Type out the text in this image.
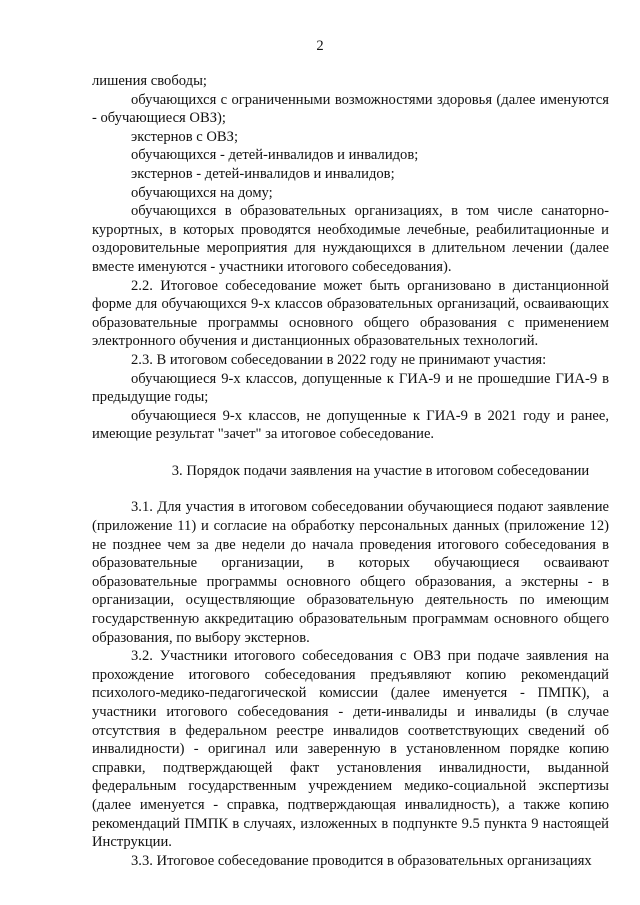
2

лишения свободы;

обучающихся с ограниченными возможностями здоровья (далее именуются - обучающиеся ОВЗ);

экстернов с ОВЗ;

обучающихся - детей-инвалидов и инвалидов;

экстернов - детей-инвалидов и инвалидов;

обучающихся на дому;

обучающихся в образовательных организациях, в том числе санаторно-курортных, в которых проводятся необходимые лечебные, реабилитационные и оздоровительные мероприятия для нуждающихся в длительном лечении (далее вместе именуются - участники итогового собеседования).

2.2. Итоговое собеседование может быть организовано в дистанционной форме для обучающихся 9-х классов образовательных организаций, осваивающих образовательные программы основного общего образования с применением электронного обучения и дистанционных образовательных технологий.

2.3. В итоговом собеседовании в 2022 году не принимают участия:

обучающиеся 9-х классов, допущенные к ГИА-9 и не прошедшие ГИА-9 в предыдущие годы;

обучающиеся 9-х классов, не допущенные к ГИА-9 в 2021 году и ранее, имеющие результат "зачет" за итоговое собеседование.

3. Порядок подачи заявления на участие в итоговом собеседовании

3.1. Для участия в итоговом собеседовании обучающиеся подают заявление (приложение 11) и согласие на обработку персональных данных (приложение 12) не позднее чем за две недели до начала проведения итогового собеседования в образовательные организации, в которых обучающиеся осваивают образовательные программы основного общего образования, а экстерны - в организации, осуществляющие образовательную деятельность по имеющим государственную аккредитацию образовательным программам основного общего образования, по выбору экстернов.

3.2. Участники итогового собеседования с ОВЗ при подаче заявления на прохождение итогового собеседования предъявляют копию рекомендаций психолого-медико-педагогической комиссии (далее именуется - ПМПК), а участники итогового собеседования - дети-инвалиды и инвалиды (в случае отсутствия в федеральном реестре инвалидов соответствующих сведений об инвалидности) - оригинал или заверенную в установленном порядке копию справки, подтверждающей факт установления инвалидности, выданной федеральным государственным учреждением медико-социальной экспертизы (далее именуется - справка, подтверждающая инвалидность), а также копию рекомендаций ПМПК в случаях, изложенных в подпункте 9.5 пункта 9 настоящей Инструкции.

3.3. Итоговое собеседование проводится в образовательных организациях
